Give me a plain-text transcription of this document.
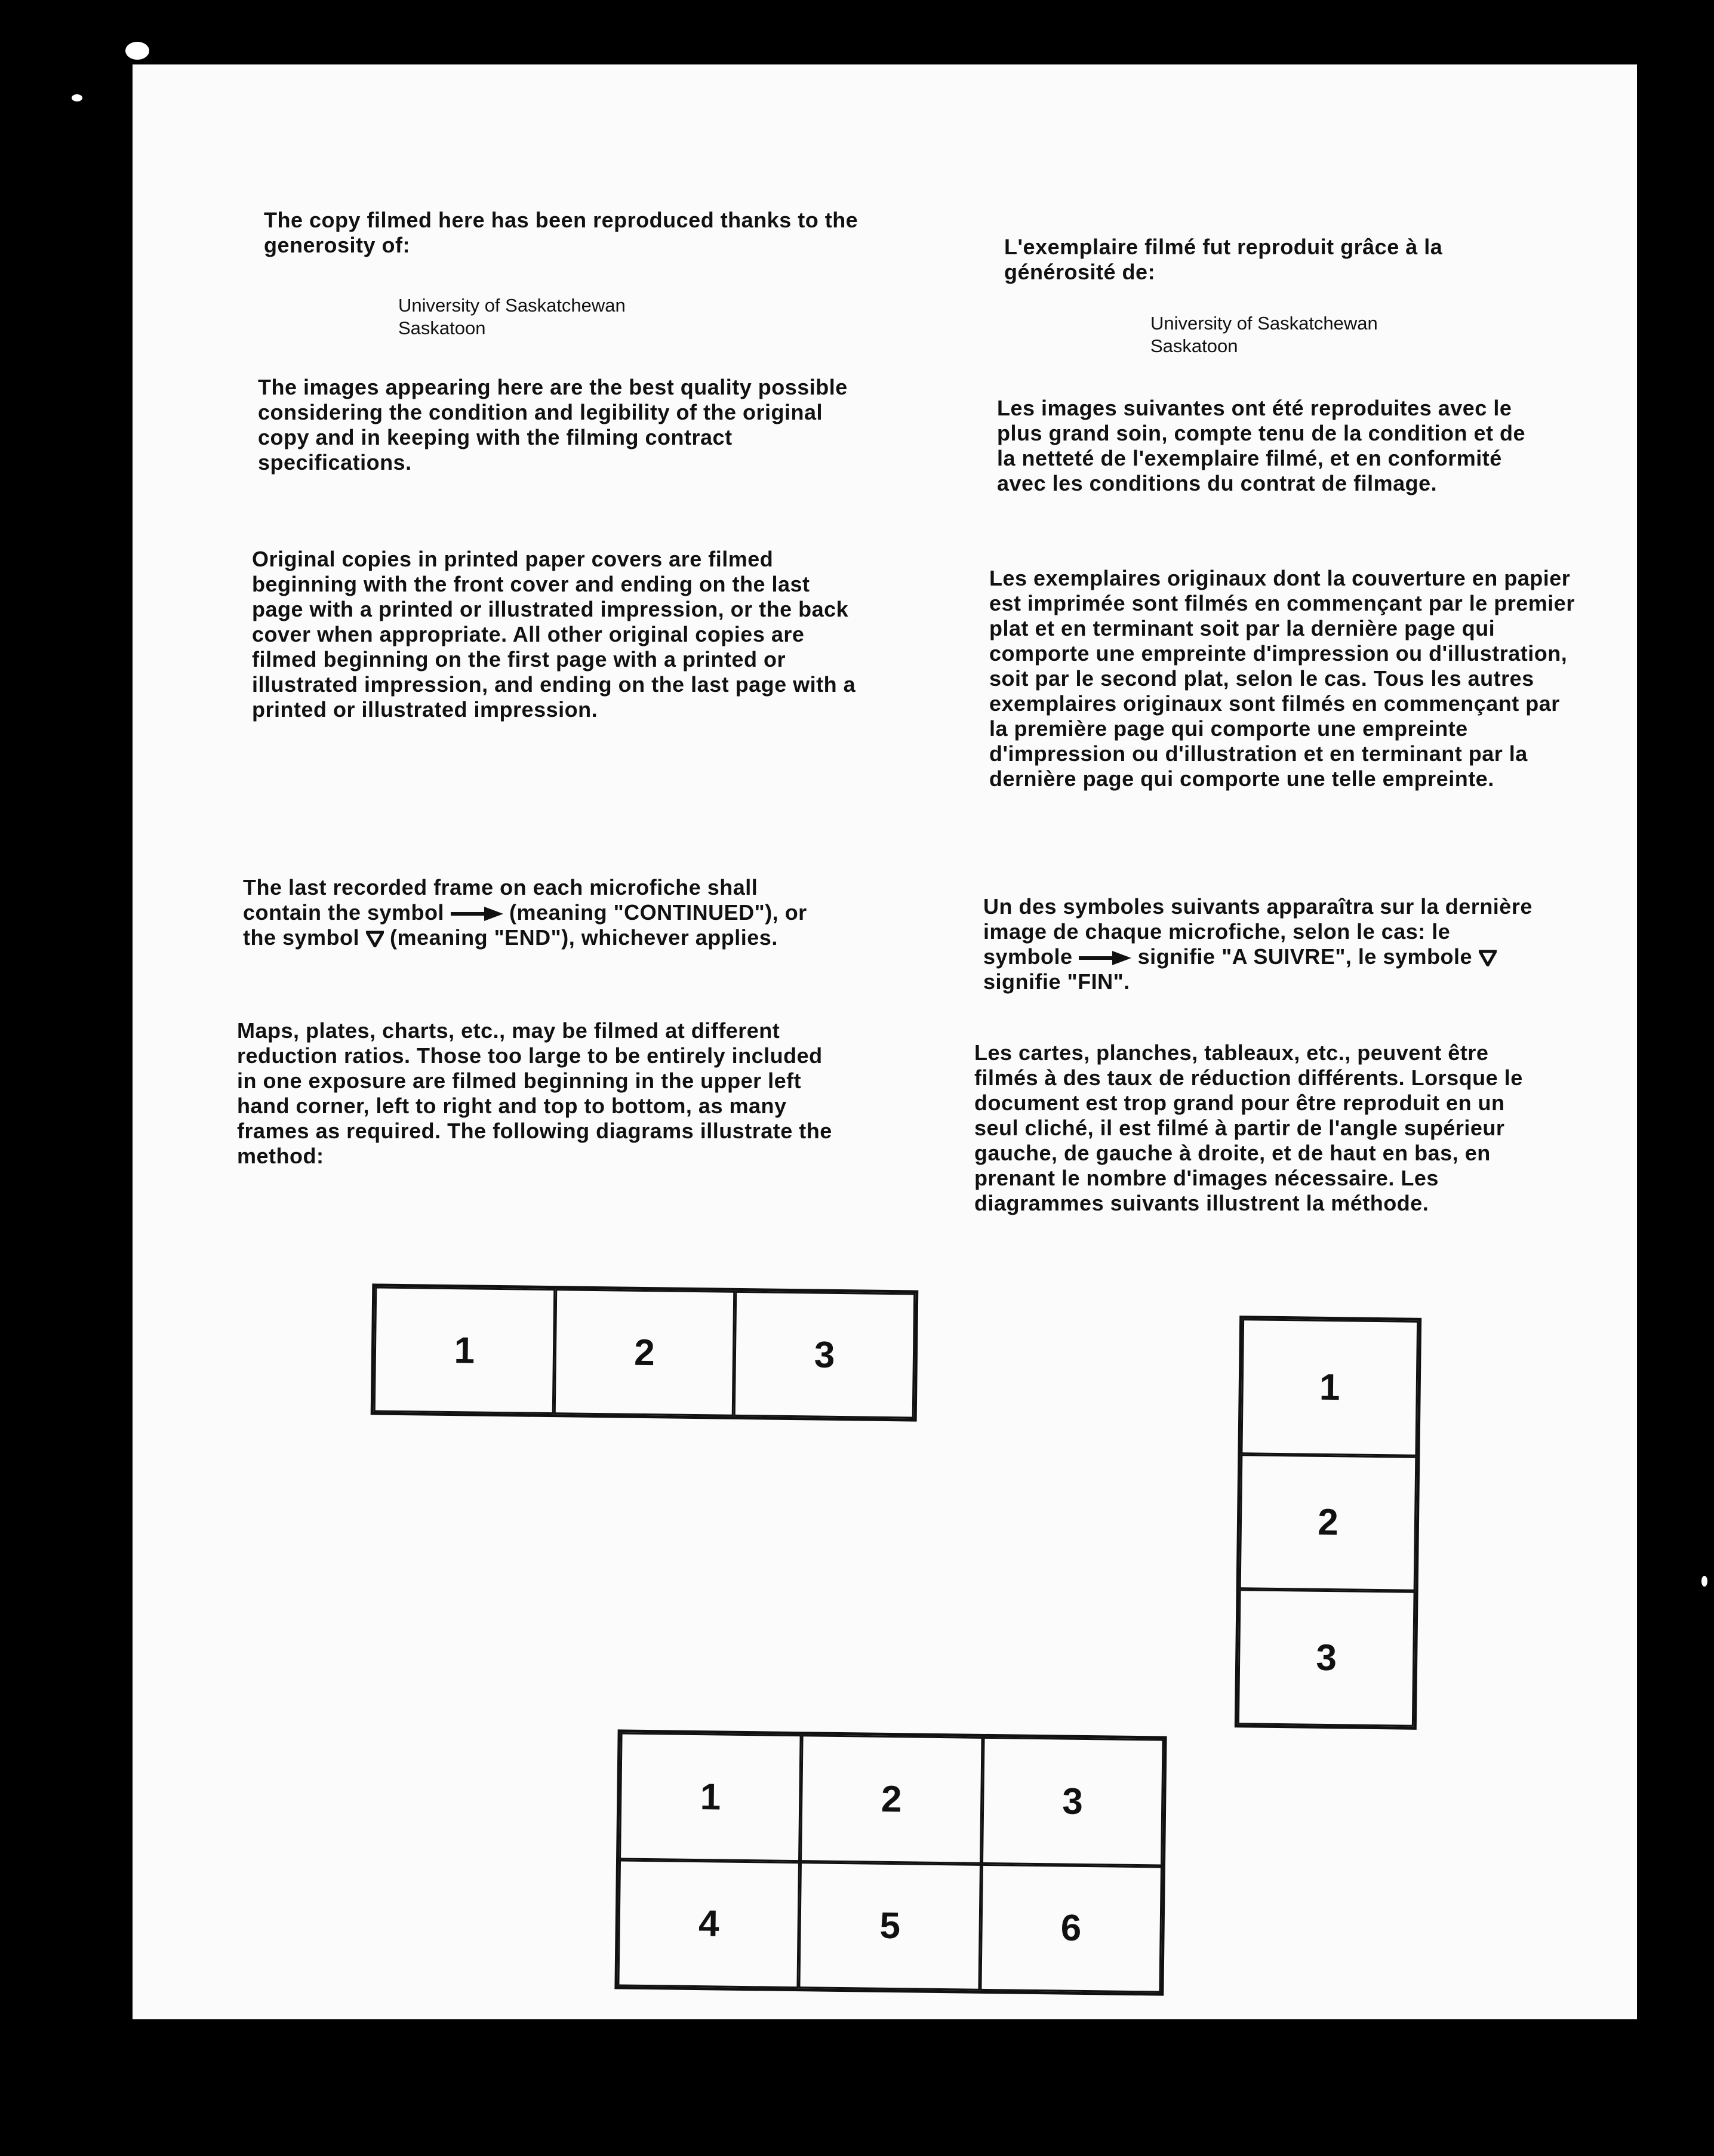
The copy filmed here has been reproduced thanks to the generosity of:

University of Saskatchewan
Saskatoon

The images appearing here are the best quality possible considering the condition and legibility of the original copy and in keeping with the filming contract specifications.

Original copies in printed paper covers are filmed beginning with the front cover and ending on the last page with a printed or illustrated impression, or the back cover when appropriate. All other original copies are filmed beginning on the first page with a printed or illustrated impression, and ending on the last page with a printed or illustrated impression.

The last recorded frame on each microfiche shall contain the symbol  (meaning "CONTINUED"), or the symbol  (meaning "END"), whichever applies.

Maps, plates, charts, etc., may be filmed at different reduction ratios. Those too large to be entirely included in one exposure are filmed beginning in the upper left hand corner, left to right and top to bottom, as many frames as required. The following diagrams illustrate the method:

L'exemplaire filmé fut reproduit grâce à la générosité de:

University of Saskatchewan
Saskatoon

Les images suivantes ont été reproduites avec le plus grand soin, compte tenu de la condition et de la netteté de l'exemplaire filmé, et en conformité avec les conditions du contrat de filmage.

Les exemplaires originaux dont la couverture en papier est imprimée sont filmés en commençant par le premier plat et en terminant soit par la dernière page qui comporte une empreinte d'impression ou d'illustration, soit par le second plat, selon le cas. Tous les autres exemplaires originaux sont filmés en commençant par la première page qui comporte une empreinte d'impression ou d'illustration et en terminant par la dernière page qui comporte une telle empreinte.

Un des symboles suivants apparaîtra sur la dernière image de chaque microfiche, selon le cas: le symbole  signifie "A SUIVRE", le symbole  signifie "FIN".

Les cartes, planches, tableaux, etc., peuvent être filmés à des taux de réduction différents. Lorsque le document est trop grand pour être reproduit en un seul cliché, il est filmé à partir de l'angle supérieur gauche, de gauche à droite, et de haut en bas, en prenant le nombre d'images nécessaire. Les diagrammes suivants illustrent la méthode.

1	2	3
1
2
3
1	2	3
4	5	6
